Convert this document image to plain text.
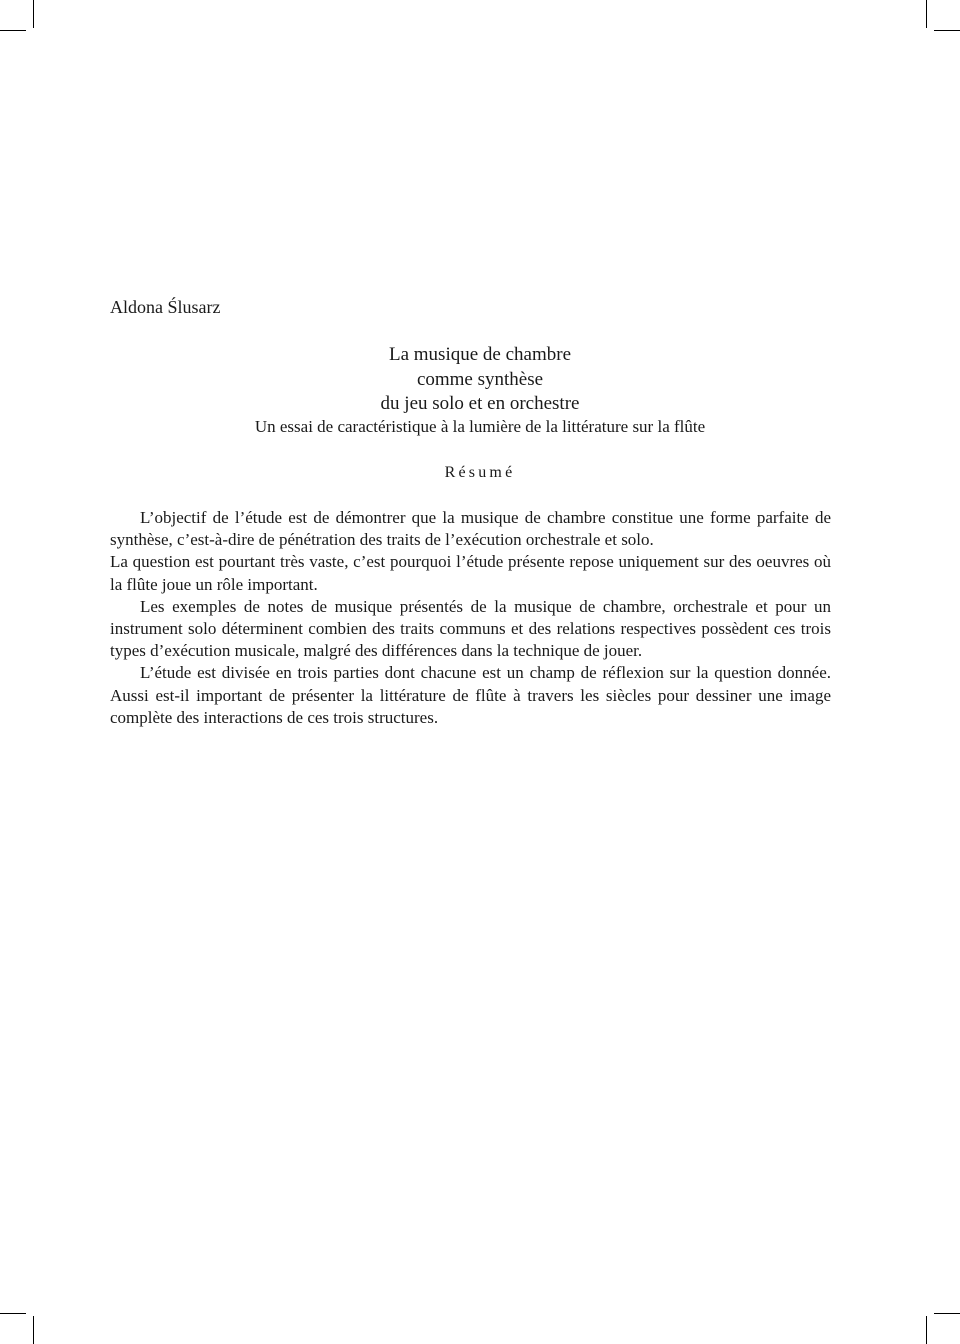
Aldona Ślusarz

La musique de chambre
comme synthèse
du jeu solo et en orchestre

Un essai de caractéristique à la lumière de la littérature sur la flûte

Résumé

L’objectif de l’étude est de démontrer que la musique de chambre constitue une forme parfaite de synthèse, c’est-à-dire de pénétration des traits de l’exécution orchestrale et solo.

La question est pourtant très vaste, c’est pourquoi l’étude présente repose uniquement sur des oeuvres où la flûte joue un rôle important.

Les exemples de notes de musique présentés de la musique de chambre, orchestrale et pour un instrument solo déterminent combien des traits communs et des relations respectives possèdent ces trois types d’exécution musicale, malgré des différences dans la technique de jouer.

L’étude est divisée en trois parties dont chacune est un champ de réflexion sur la question donnée. Aussi est-il important de présenter la littérature de flûte à travers les siècles pour dessiner une image complète des interactions de ces trois structures.
